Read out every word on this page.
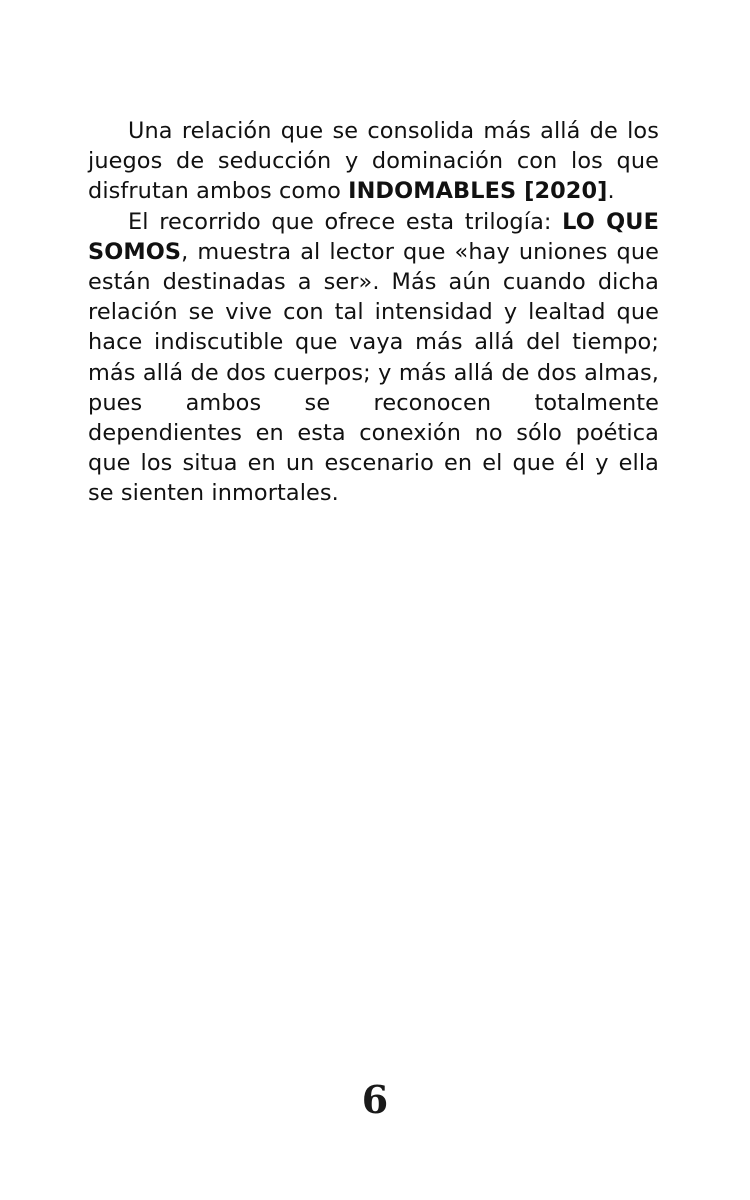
Una relación que se consolida más allá de los juegos de seducción y dominación con los que disfrutan ambos como INDOMABLES [2020].

El recorrido que ofrece esta trilogía: LO QUE SOMOS, muestra al lector que «hay uniones que están destinadas a ser». Más aún cuando dicha relación se vive con tal intensidad y lealtad que hace indiscutible que vaya más allá del tiempo; más allá de dos cuerpos; y más allá de dos almas, pues ambos se reconocen totalmente dependientes en esta conexión no sólo poética que los situa en un escenario en el que él y ella se sienten inmortales.

6
